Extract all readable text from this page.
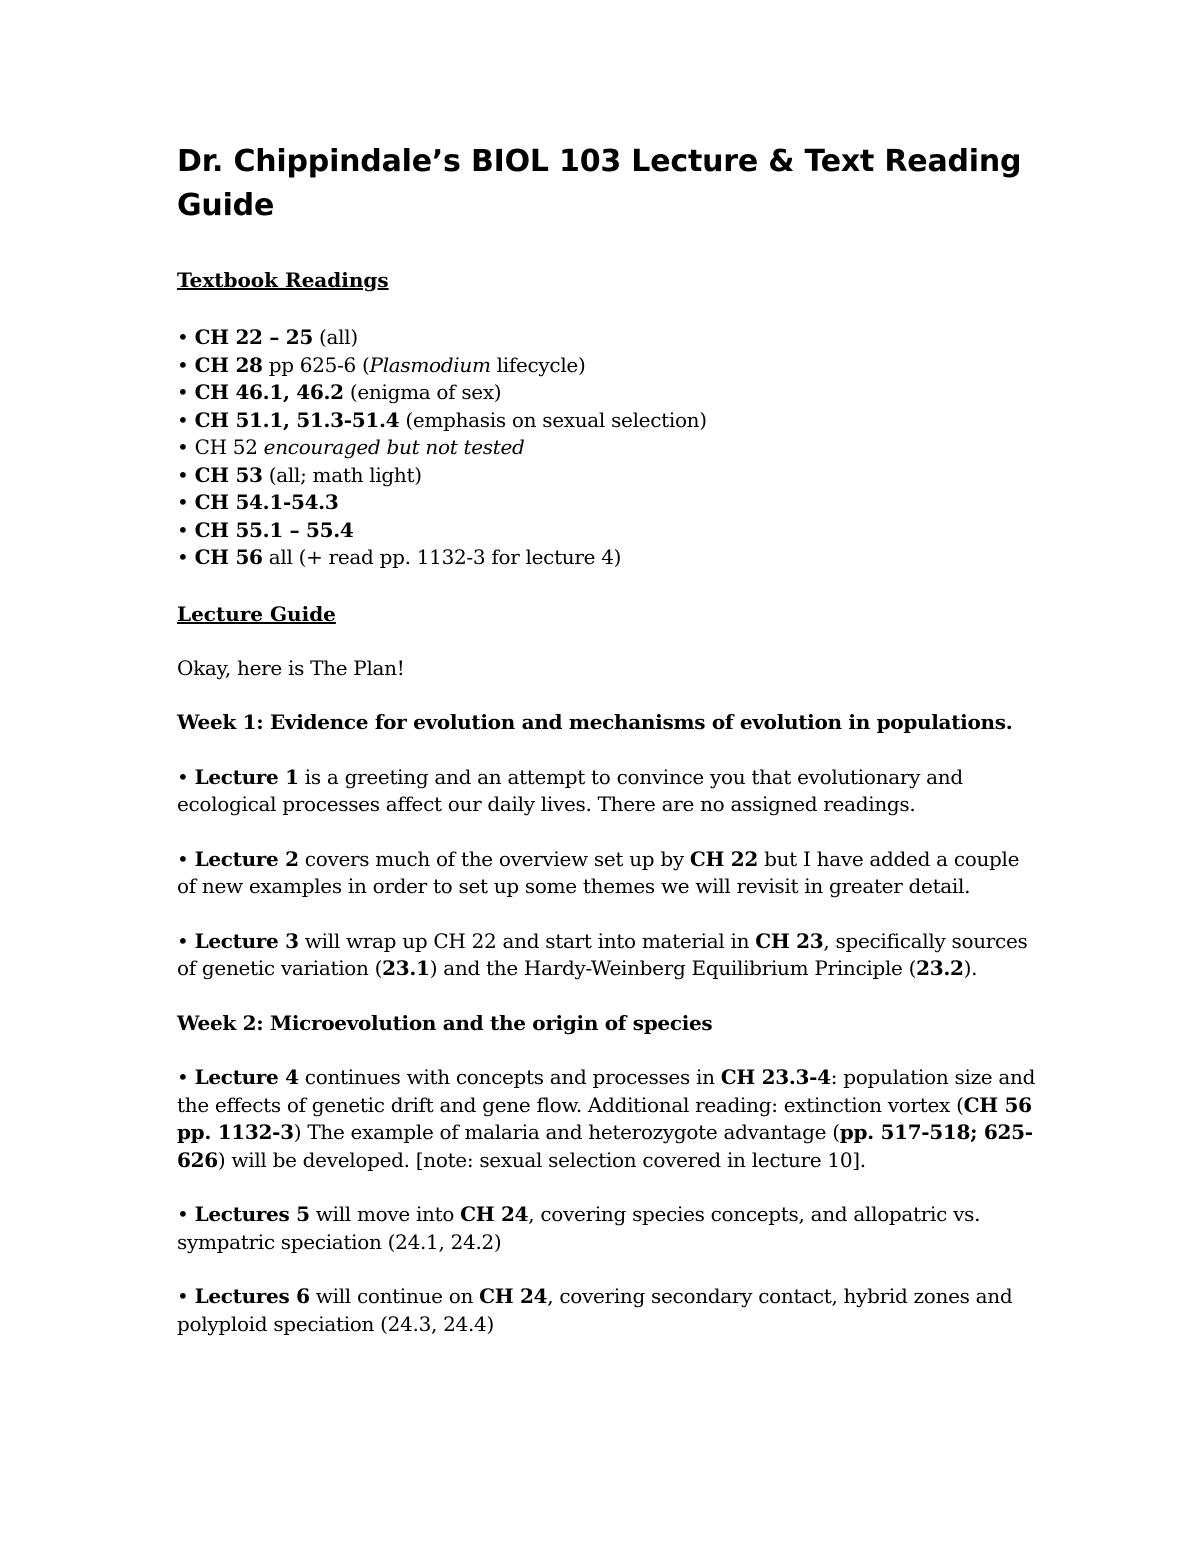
Dr. Chippindale’s BIOL 103 Lecture & Text Reading Guide
Textbook Readings
• CH 22 – 25 (all)
• CH 28 pp 625-6 (Plasmodium lifecycle)
• CH 46.1, 46.2 (enigma of sex)
• CH 51.1, 51.3-51.4 (emphasis on sexual selection)
• CH 52 encouraged but not tested
• CH 53 (all; math light)
• CH 54.1-54.3
• CH 55.1 – 55.4
• CH 56 all (+ read pp. 1132-3 for lecture 4)
Lecture Guide

Okay, here is The Plan!

Week 1: Evidence for evolution and mechanisms of evolution in populations.

• Lecture 1 is a greeting and an attempt to convince you that evolutionary and ecological processes affect our daily lives. There are no assigned readings.

• Lecture 2 covers much of the overview set up by CH 22 but I have added a couple of new examples in order to set up some themes we will revisit in greater detail.

• Lecture 3 will wrap up CH 22 and start into material in CH 23, specifically sources of genetic variation (23.1) and the Hardy-Weinberg Equilibrium Principle (23.2).

Week 2: Microevolution and the origin of species

• Lecture 4 continues with concepts and processes in CH 23.3-4: population size and the effects of genetic drift and gene flow. Additional reading: extinction vortex (CH 56 pp. 1132-3) The example of malaria and heterozygote advantage (pp. 517-518; 625-626) will be developed. [note: sexual selection covered in lecture 10].

• Lectures 5 will move into CH 24, covering species concepts, and allopatric vs. sympatric speciation (24.1, 24.2)

• Lectures 6 will continue on CH 24, covering secondary contact, hybrid zones and polyploid speciation (24.3, 24.4)
